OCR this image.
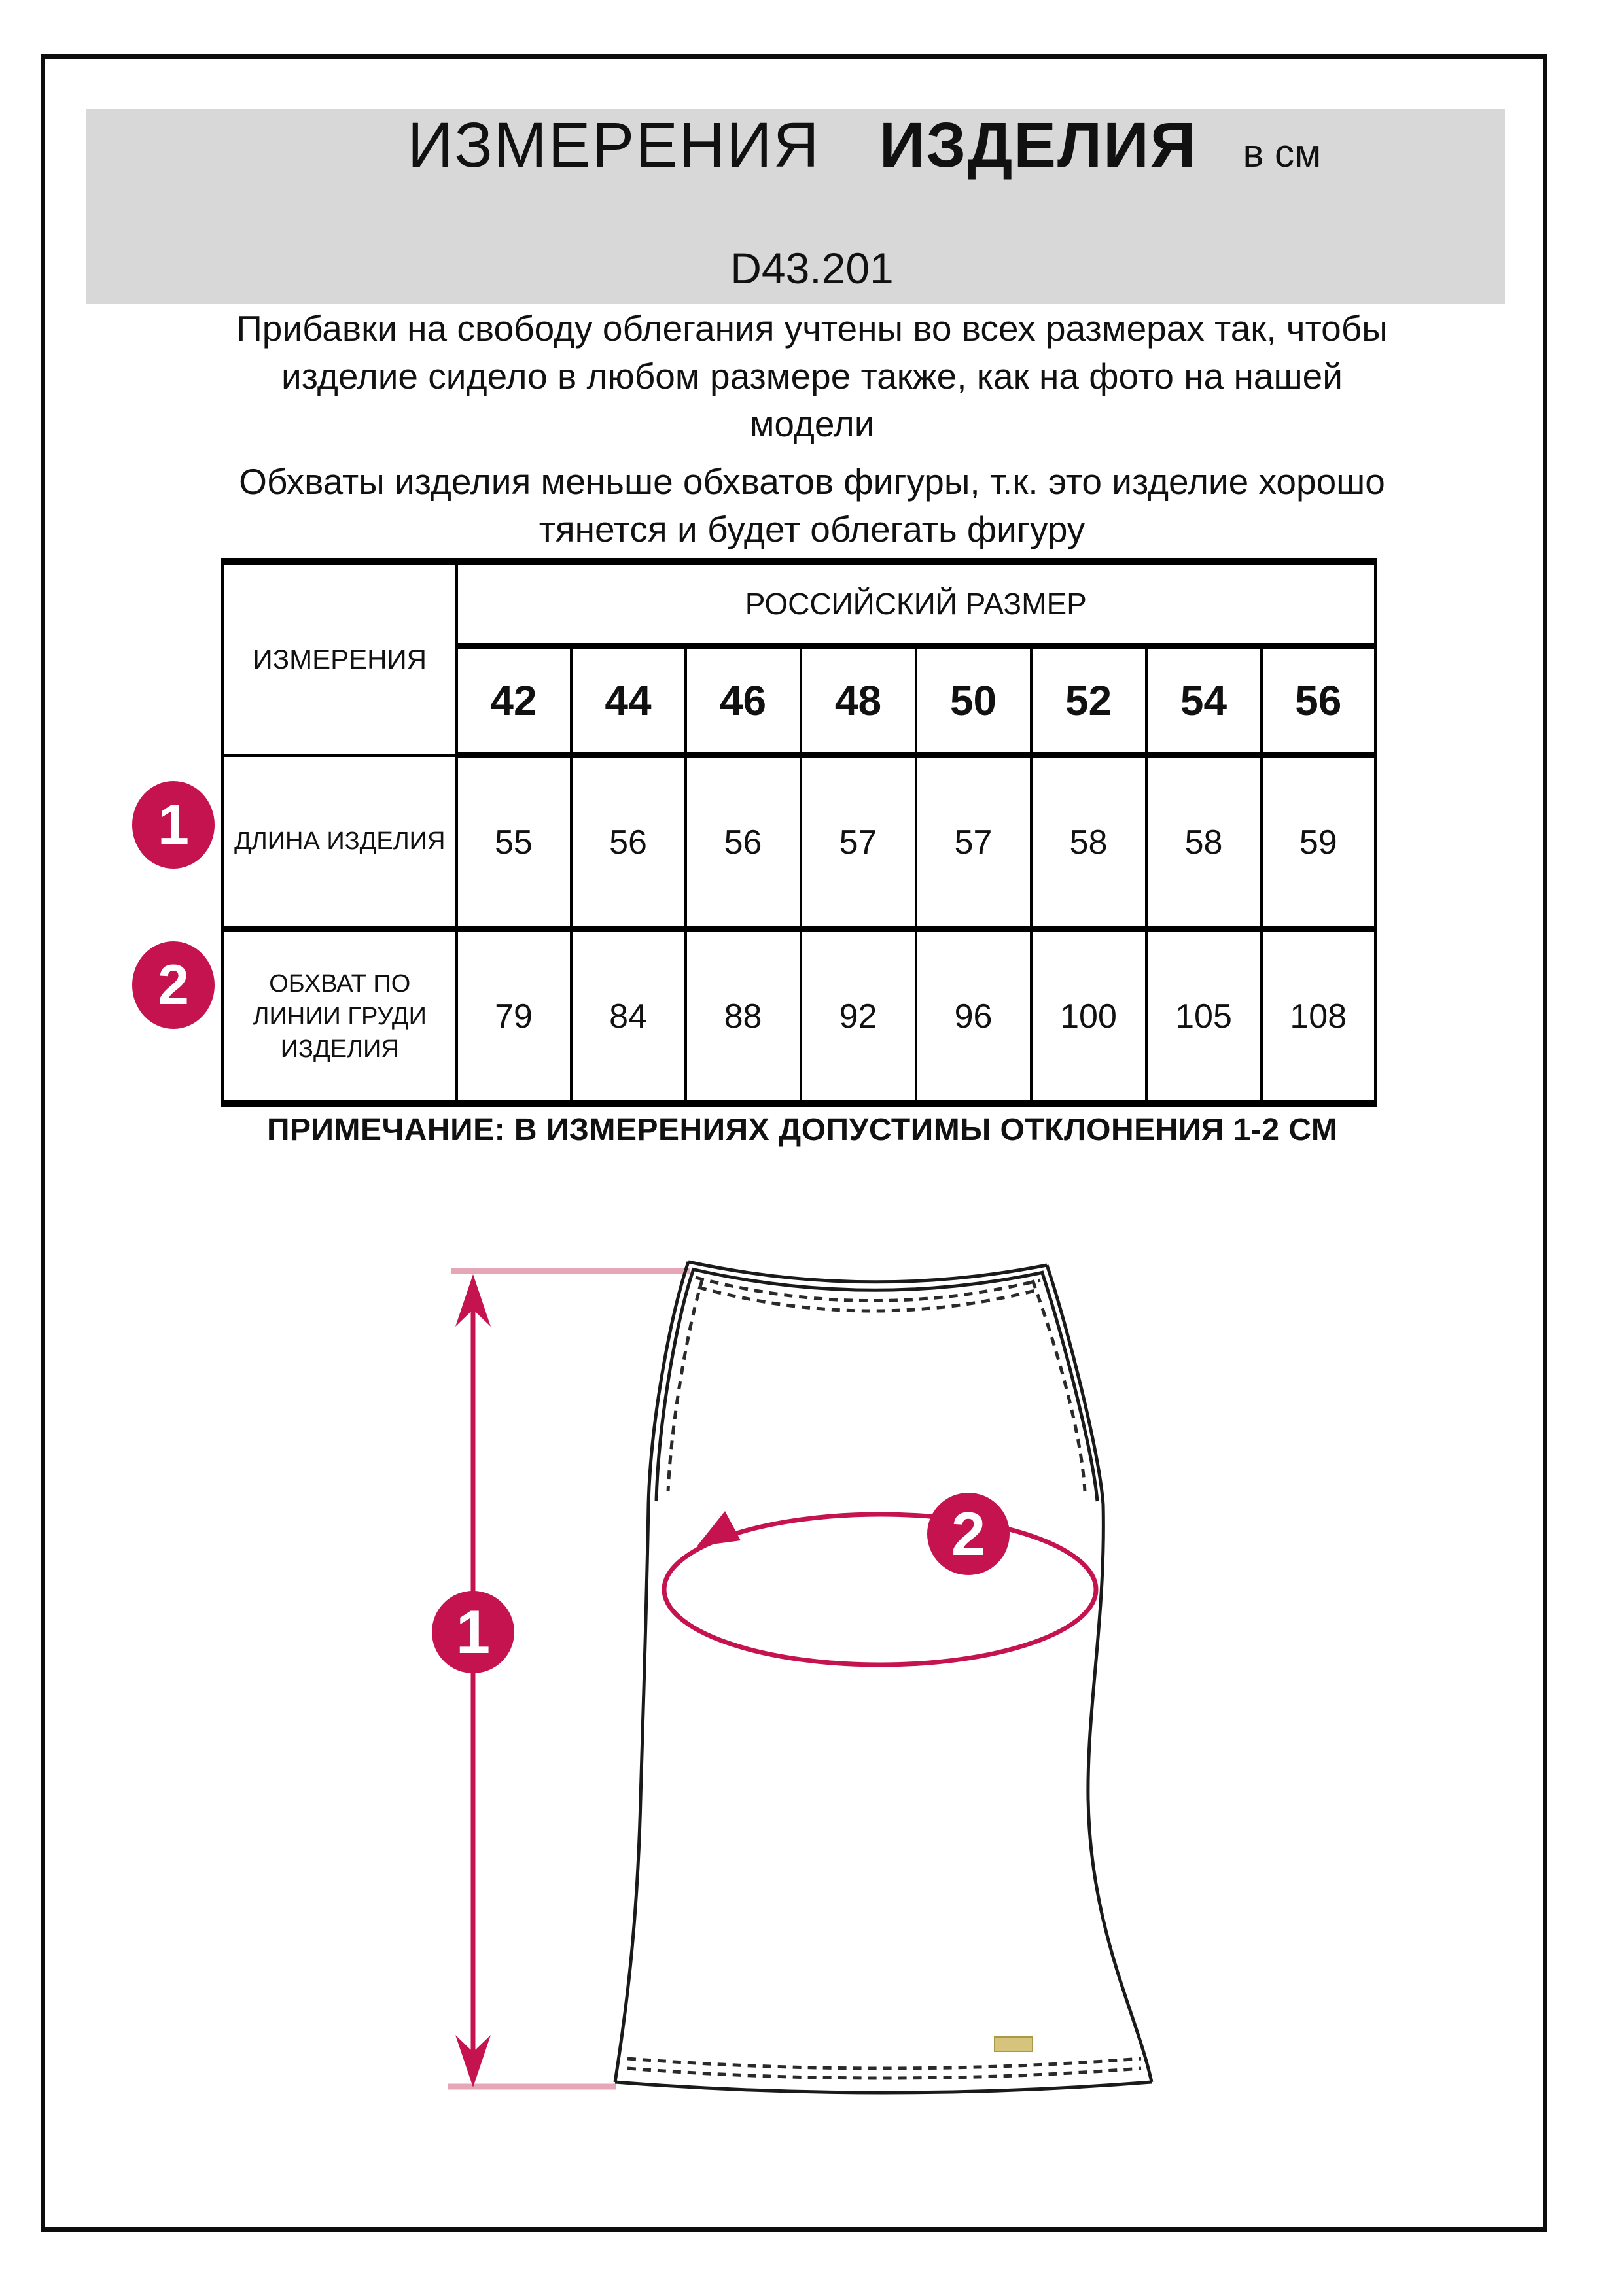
ИЗМЕРЕНИЯ ИЗДЕЛИЯ в см
D43.201
Прибавки на свободу облегания учтены во всех размерах так, чтобы
изделие сидело в любом размере также, как на фото на нашей
модели
Обхваты изделия меньше обхватов фигуры, т.к. это изделие хорошо
тянется и будет облегать фигуру
ИЗМЕРЕНИЯ	РОССИЙСКИЙ РАЗМЕР							
	42	44	46	48	50	52	54	56
ДЛИНА ИЗДЕЛИЯ	55	56	56	57	57	58	58	59
ОБХВАТ ПО ЛИНИИ ГРУДИ ИЗДЕЛИЯ	79	84	88	92	96	100	105	108
1
2
ПРИМЕЧАНИЕ: В ИЗМЕРЕНИЯХ ДОПУСТИМЫ ОТКЛОНЕНИЯ 1-2 СМ
1
2
